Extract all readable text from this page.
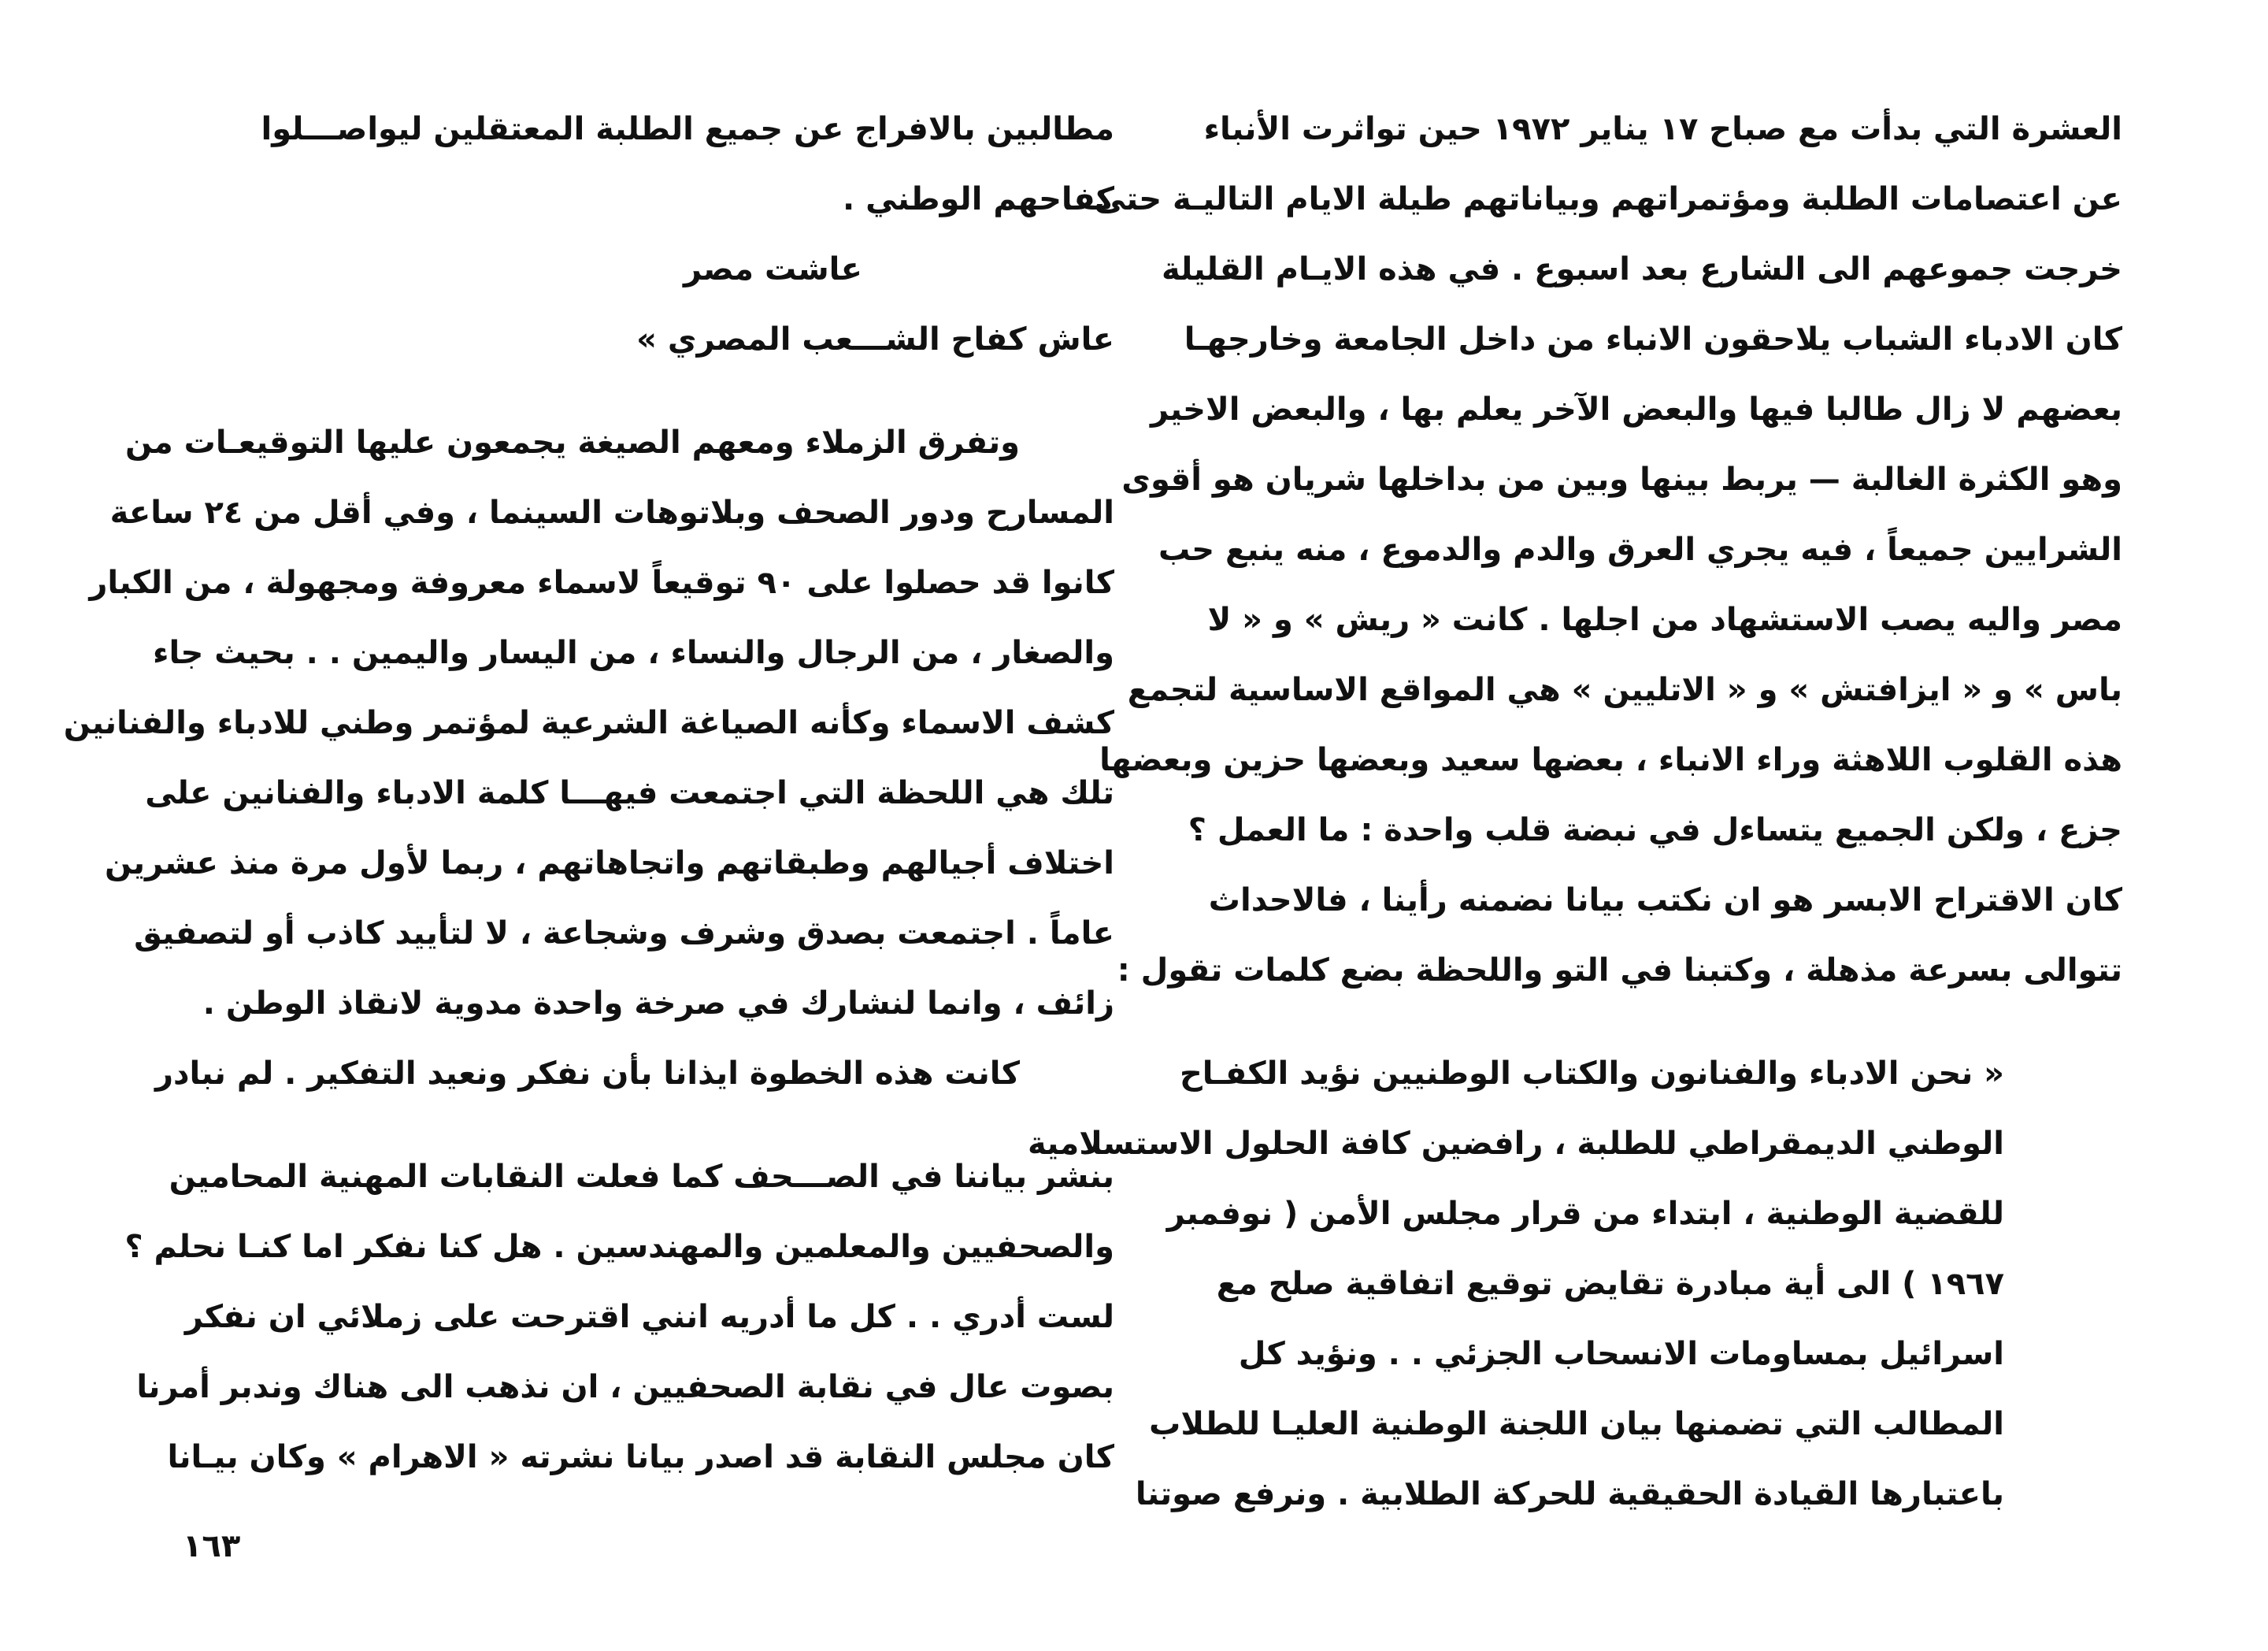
العشرة التي بدأت مع صباح ١٧ يناير ١٩٧٢ حين تواثرت الأنباء
عن اعتصامات الطلبة ومؤتمراتهم وبياناتهم طيلة الايام التاليـة حتى
خرجت جموعهم الى الشارع بعد اسبوع . في هذه الايـام القليلة
كان الادباء الشباب يلاحقون الانباء من داخل الجامعة وخارجهـا
بعضهم لا زال طالبا فيها والبعض الآخر يعلم بها ، والبعض الاخير
وهو الكثرة الغالبة — يربط بينها وبين من بداخلها شريان هو أقوى
الشرايين جميعاً ، فيه يجري العرق والدم والدموع ، منه ينبع حب
مصر واليه يصب الاستشهاد من اجلها . كانت « ريش » و « لا
باس » و « ايزافتش » و « الاتليين » هي المواقع الاساسية لتجمع
هذه القلوب اللاهثة وراء الانباء ، بعضها سعيد وبعضها حزين وبعضها
جزع ، ولكن الجميع يتساءل في نبضة قلب واحدة : ما العمل ؟
كان الاقتراح الابسر هو ان نكتب بيانا نضمنه رأينا ، فالاحداث
تتوالى بسرعة مذهلة ، وكتبنا في التو واللحظة بضع كلمات تقول :
« نحن الادباء والفنانون والكتاب الوطنيين نؤيد الكفـاح
الوطني الديمقراطي للطلبة ، رافضين كافة الحلول الاستسلامية
للقضية الوطنية ، ابتداء من قرار مجلس الأمن ( نوفمبر
١٩٦٧ ) الى أية مبادرة تقايض توقيع اتفاقية صلح مع
اسرائيل بمساومات الانسحاب الجزئي . . ونؤيد كل
المطالب التي تضمنها بيان اللجنة الوطنية العليـا للطلاب
باعتبارها القيادة الحقيقية للحركة الطلابية . ونرفع صوتنا
مطالبين بالافراج عن جميع الطلبة المعتقلين ليواصـــلوا
كفاحهم الوطني .
عاشت مصر
عاش كفاح الشـــعب المصري »
وتفرق الزملاء ومعهم الصيغة يجمعون عليها التوقيعـات من
المسارح ودور الصحف وبلاتوهات السينما ، وفي أقل من ٢٤ ساعة
كانوا قد حصلوا على ٩٠ توقيعاً لاسماء معروفة ومجهولة ، من الكبار
والصغار ، من الرجال والنساء ، من اليسار واليمين . . بحيث جاء
كشف الاسماء وكأنه الصياغة الشرعية لمؤتمر وطني للادباء والفنانين
تلك هي اللحظة التي اجتمعت فيهـــا كلمة الادباء والفنانين على
اختلاف أجيالهم وطبقاتهم واتجاهاتهم ، ربما لأول مرة منذ عشرين
عاماً . اجتمعت بصدق وشرف وشجاعة ، لا لتأييد كاذب أو لتصفيق
زائف ، وانما لنشارك في صرخة واحدة مدوية لانقاذ الوطن .
كانت هذه الخطوة ايذانا بأن نفكر ونعيد التفكير . لم نبادر
بنشر بياننا في الصـــحف كما فعلت النقابات المهنية المحامين
والصحفيين والمعلمين والمهندسين . هل كنا نفكر اما كنـا نحلم ؟
لست أدري . . كل ما أدريه انني اقترحت على زملائي ان نفكر
بصوت عال في نقابة الصحفيين ، ان نذهب الى هناك وندبر أمرنا
كان مجلس النقابة قد اصدر بيانا نشرته « الاهرام » وكان بيـانا
١٦٣
